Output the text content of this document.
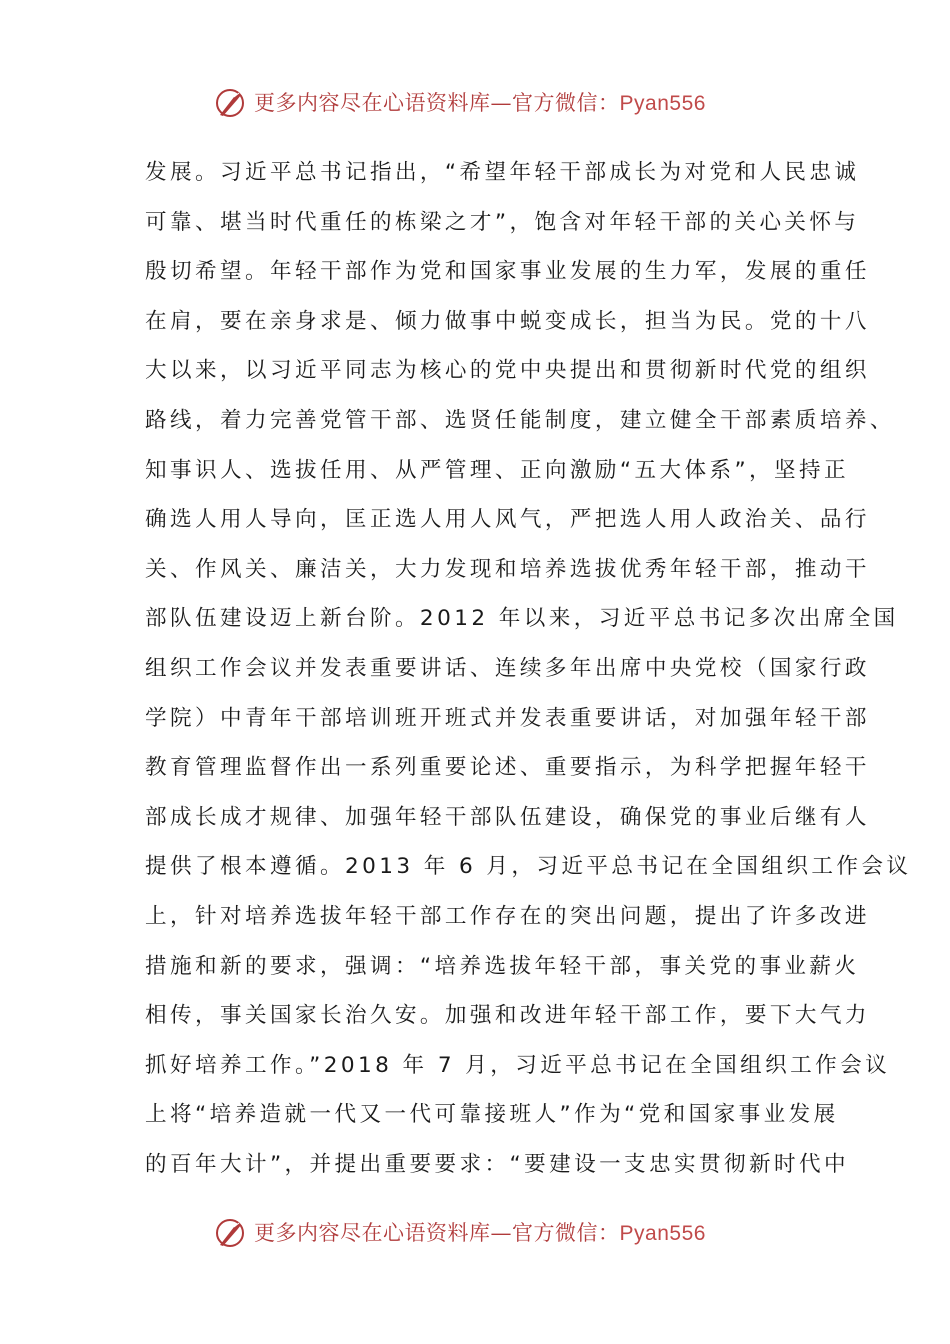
更多内容尽在心语资料库—官方微信：Pyan556
发展。习近平总书记指出，“希望年轻干部成长为对党和人民忠诚
可靠、堪当时代重任的栋梁之才”，饱含对年轻干部的关心关怀与
殷切希望。年轻干部作为党和国家事业发展的生力军，发展的重任
在肩，要在亲身求是、倾力做事中蜕变成长，担当为民。党的十八
大以来，以习近平同志为核心的党中央提出和贯彻新时代党的组织
路线，着力完善党管干部、选贤任能制度，建立健全干部素质培养、
知事识人、选拔任用、从严管理、正向激励“五大体系”，坚持正
确选人用人导向，匡正选人用人风气，严把选人用人政治关、品行
关、作风关、廉洁关，大力发现和培养选拔优秀年轻干部，推动干
部队伍建设迈上新台阶。2012 年以来，习近平总书记多次出席全国
组织工作会议并发表重要讲话、连续多年出席中央党校（国家行政
学院）中青年干部培训班开班式并发表重要讲话，对加强年轻干部
教育管理监督作出一系列重要论述、重要指示，为科学把握年轻干
部成长成才规律、加强年轻干部队伍建设，确保党的事业后继有人
提供了根本遵循。2013 年 6 月，习近平总书记在全国组织工作会议
上，针对培养选拔年轻干部工作存在的突出问题，提出了许多改进
措施和新的要求，强调：“培养选拔年轻干部，事关党的事业薪火
相传，事关国家长治久安。加强和改进年轻干部工作，要下大气力
抓好培养工作。”2018 年 7 月，习近平总书记在全国组织工作会议
上将“培养造就一代又一代可靠接班人”作为“党和国家事业发展
的百年大计”，并提出重要要求：“要建设一支忠实贯彻新时代中
更多内容尽在心语资料库—官方微信：Pyan556
